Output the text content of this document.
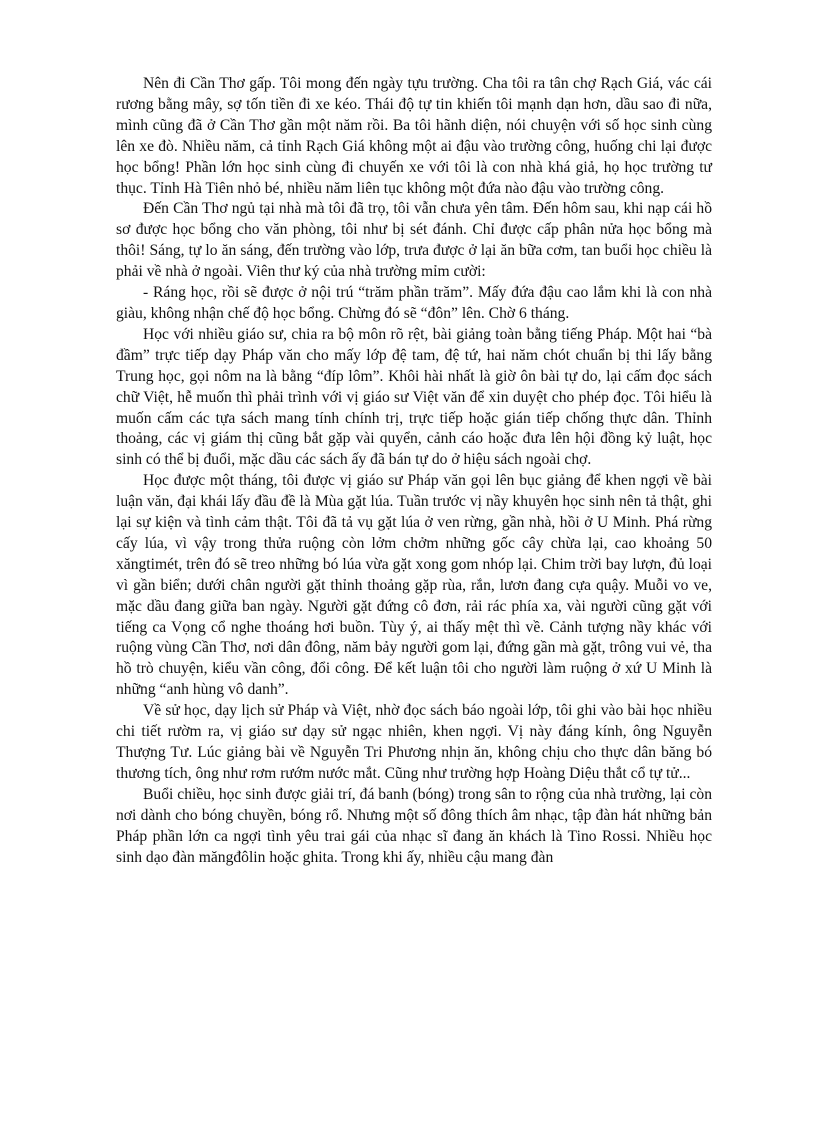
Nên đi Cần Thơ gấp. Tôi mong đến ngày tựu trường. Cha tôi ra tân chợ Rạch Giá, vác cái rương bằng mây, sợ tốn tiền đi xe kéo. Thái độ tự tin khiến tôi mạnh dạn hơn, dầu sao đi nữa, mình cũng đã ở Cần Thơ gần một năm rồi. Ba tôi hãnh diện, nói chuyện với số học sinh cùng lên xe đò. Nhiều năm, cả tỉnh Rạch Giá không một ai đậu vào trường công, huống chi lại được học bổng! Phần lớn học sinh cùng đi chuyến xe với tôi là con nhà khá giả, họ học trường tư thục. Tỉnh Hà Tiên nhỏ bé, nhiều năm liên tục không một đứa nào đậu vào trường công.

Đến Cần Thơ ngủ tại nhà mà tôi đã trọ, tôi vẫn chưa yên tâm. Đến hôm sau, khi nạp cái hồ sơ được học bổng cho văn phòng, tôi như bị sét đánh. Chỉ được cấp phân nửa học bổng mà thôi! Sáng, tự lo ăn sáng, đến trường vào lớp, trưa được ở lại ăn bữa cơm, tan buổi học chiều là phải về nhà ở ngoài. Viên thư ký của nhà trường mỉm cười:

- Ráng học, rồi sẽ được ở nội trú “trăm phần trăm”. Mấy đứa đậu cao lắm khi là con nhà giàu, không nhận chế độ học bổng. Chừng đó sẽ “đôn” lên. Chờ 6 tháng.

Học với nhiều giáo sư, chia ra bộ môn rõ rệt, bài giảng toàn bằng tiếng Pháp. Một hai “bà đầm” trực tiếp dạy Pháp văn cho mấy lớp đệ tam, đệ tứ, hai năm chót chuẩn bị thi lấy bằng Trung học, gọi nôm na là bằng “đíp lôm”. Khôi hài nhất là giờ ôn bài tự do, lại cấm đọc sách chữ Việt, hễ muốn thì phải trình với vị giáo sư Việt văn để xin duyệt cho phép đọc. Tôi hiểu là muốn cấm các tựa sách mang tính chính trị, trực tiếp hoặc gián tiếp chống thực dân. Thỉnh thoảng, các vị giám thị cũng bắt gặp vài quyển, cảnh cáo hoặc đưa lên hội đồng kỷ luật, học sinh có thể bị đuổi, mặc dầu các sách ấy đã bán tự do ở hiệu sách ngoài chợ.

Học được một tháng, tôi được vị giáo sư Pháp văn gọi lên bục giảng để khen ngợi về bài luận văn, đại khái lấy đầu đề là Mùa gặt lúa. Tuần trước vị nầy khuyên học sinh nên tả thật, ghi lại sự kiện và tình cảm thật. Tôi đã tả vụ gặt lúa ở ven rừng, gần nhà, hồi ở U Minh. Phá rừng cấy lúa, vì vậy trong thửa ruộng còn lởm chởm những gốc cây chừa lại, cao khoảng 50 xăngtimét, trên đó sẽ treo những bó lúa vừa gặt xong gom nhóp lại. Chim trời bay lượn, đủ loại vì gần biển; dưới chân người gặt thỉnh thoảng gặp rùa, rắn, lươn đang cựa quậy. Muỗi vo ve, mặc dầu đang giữa ban ngày. Người gặt đứng cô đơn, rải rác phía xa, vài người cũng gặt với tiếng ca Vọng cổ nghe thoáng hơi buồn. Tùy ý, ai thấy mệt thì về. Cảnh tượng nầy khác với ruộng vùng Cần Thơ, nơi dân đông, năm bảy người gom lại, đứng gần mà gặt, trông vui vẻ, tha hồ trò chuyện, kiểu vần công, đổi công. Để kết luận tôi cho người làm ruộng ở xứ U Minh là những “anh hùng vô danh”.

Về sử học, dạy lịch sử Pháp và Việt, nhờ đọc sách báo ngoài lớp, tôi ghi vào bài học nhiều chi tiết rườm ra, vị giáo sư dạy sử ngạc nhiên, khen ngợi. Vị này đáng kính, ông Nguyễn Thượng Tư. Lúc giảng bài về Nguyễn Tri Phương nhịn ăn, không chịu cho thực dân băng bó thương tích, ông như rơm rướm nước mắt. Cũng như trường hợp Hoàng Diệu thắt cổ tự tử...

Buổi chiều, học sinh được giải trí, đá banh (bóng) trong sân to rộng của nhà trường, lại còn nơi dành cho bóng chuyền, bóng rổ. Nhưng một số đông thích âm nhạc, tập đàn hát những bản Pháp phần lớn ca ngợi tình yêu trai gái của nhạc sĩ đang ăn khách là Tino Rossi. Nhiều học sinh dạo đàn măngđôlin hoặc ghita. Trong khi ấy, nhiều cậu mang đàn
